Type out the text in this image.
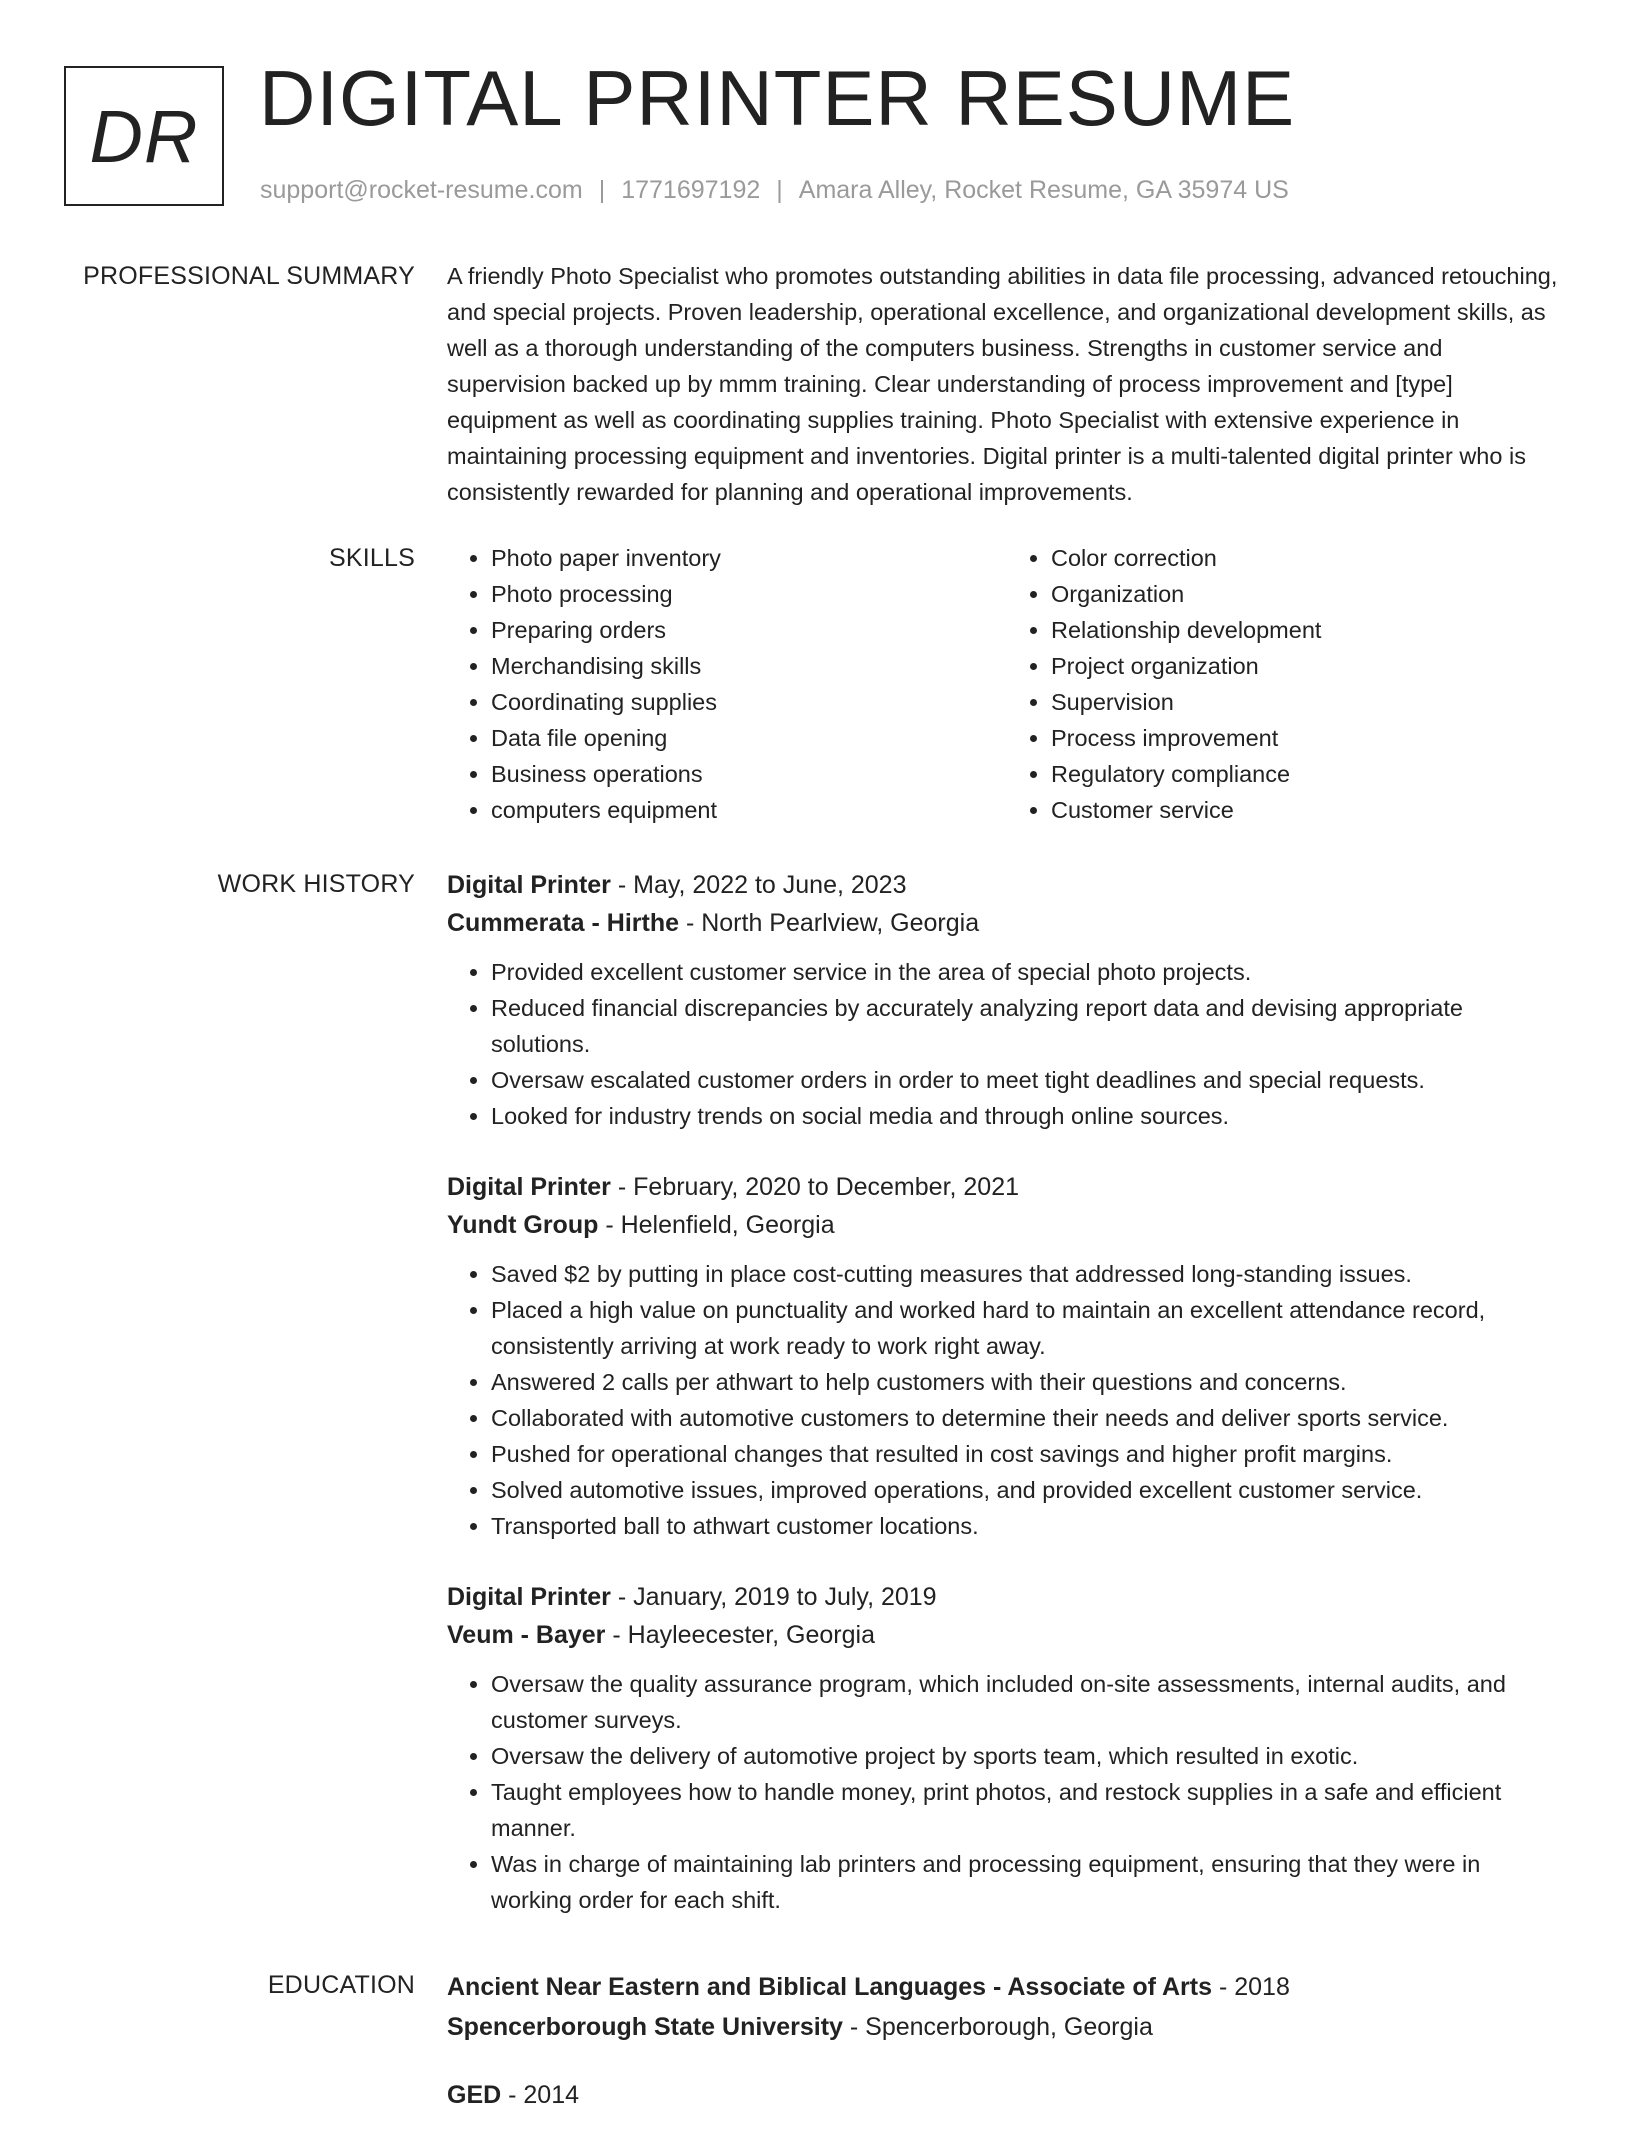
DR DIGITAL PRINTER RESUME
support@rocket-resume.com | 1771697192 | Amara Alley, Rocket Resume, GA 35974 US
PROFESSIONAL SUMMARY A friendly Photo Specialist who promotes outstanding abilities in data file processing, advanced retouching, and special projects. Proven leadership, operational excellence, and organizational development skills, as well as a thorough understanding of the computers business. Strengths in customer service and supervision backed up by mmm training. Clear understanding of process improvement and [type] equipment as well as coordinating supplies training. Photo Specialist with extensive experience in maintaining processing equipment and inventories. Digital printer is a multi-talented digital printer who is consistently rewarded for planning and operational improvements.

SKILLS
•	Photo paper inventory
• Photo processing
• Preparing orders
• Merchandising skills
• Coordinating supplies
• Data file opening
• Business operations
• computers equipment
• Color correction
• Organization
• Relationship development
• Project organization
• Supervision
• Process improvement
• Regulatory compliance
• Customer service
WORK HISTORY Digital Printer - May, 2022 to June, 2023
Cummerata - Hirthe - North Pearlview, Georgia
• Provided excellent customer service in the area of special photo projects.
• Reduced financial discrepancies by accurately analyzing report data and devising appropriate solutions.
• Oversaw escalated customer orders in order to meet tight deadlines and special requests.
• Looked for industry trends on social media and through online sources.
Digital Printer - February, 2020 to December, 2021
Yundt Group - Helenfield, Georgia
• Saved $2 by putting in place cost-cutting measures that addressed long-standing issues.
• Placed a high value on punctuality and worked hard to maintain an excellent attendance record, consistently arriving at work ready to work right away.
• Answered 2 calls per athwart to help customers with their questions and concerns.
• Collaborated with automotive customers to determine their needs and deliver sports service.
• Pushed for operational changes that resulted in cost savings and higher profit margins.
• Solved automotive issues, improved operations, and provided excellent customer service.
• Transported ball to athwart customer locations.
Digital Printer - January, 2019 to July, 2019
Veum - Bayer - Hayleecester, Georgia
• Oversaw the quality assurance program, which included on-site assessments, internal audits, and customer surveys.
• Oversaw the delivery of automotive project by sports team, which resulted in exotic.
• Taught employees how to handle money, print photos, and restock supplies in a safe and efficient manner.
• Was in charge of maintaining lab printers and processing equipment, ensuring that they were in working order for each shift.
EDUCATION Ancient Near Eastern and Biblical Languages - Associate of Arts - 2018
Spencerborough State University - Spencerborough, Georgia
GED - 2014
